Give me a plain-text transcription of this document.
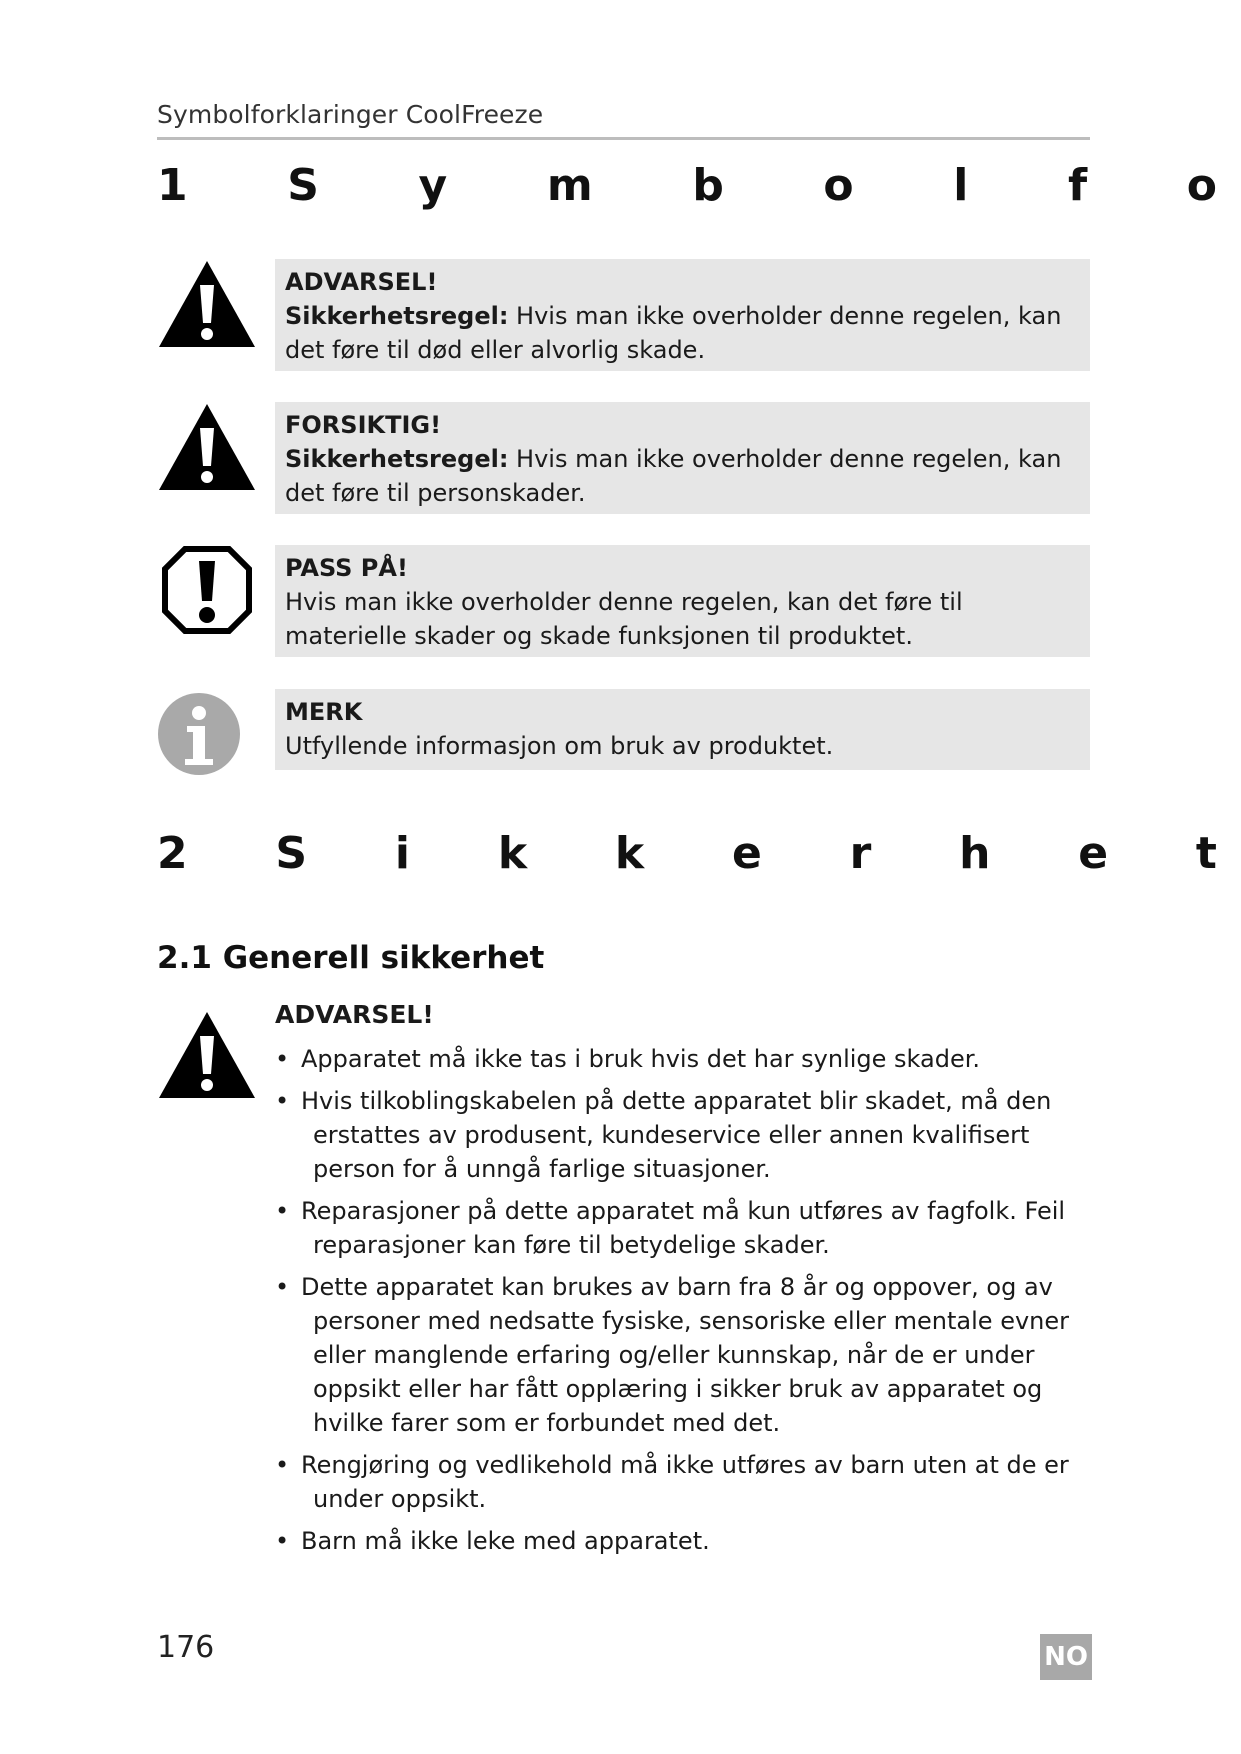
Symbolforklaringer CoolFreeze
1 S y m b o l f o
ADVARSEL!
Sikkerhetsregel: Hvis man ikke overholder denne regelen, kan det føre til død eller alvorlig skade.
FORSIKTIG!
Sikkerhetsregel: Hvis man ikke overholder denne regelen, kan det føre til personskader.
PASS PÅ!
Hvis man ikke overholder denne regelen, kan det føre til materielle skader og skade funksjonen til produktet.
MERK
Utfyllende informasjon om bruk av produktet.
2 S i k k e r h e t
2.1 Generell sikkerhet
ADVARSEL!
• Apparatet må ikke tas i bruk hvis det har synlige skader.
• Hvis tilkoblingskabelen på dette apparatet blir skadet, må den erstattes av produsent, kundeservice eller annen kvalifisert person for å unngå farlige situasjoner.
• Reparasjoner på dette apparatet må kun utføres av fagfolk. Feil reparasjoner kan føre til betydelige skader.
• Dette apparatet kan brukes av barn fra 8 år og oppover, og av personer med nedsatte fysiske, sensoriske eller mentale evner eller manglende erfaring og/eller kunnskap, når de er under oppsikt eller har fått opplæring i sikker bruk av apparatet og hvilke farer som er forbundet med det.
• Rengjøring og vedlikehold må ikke utføres av barn uten at de er under oppsikt.
• Barn må ikke leke med apparatet.
176	NO
